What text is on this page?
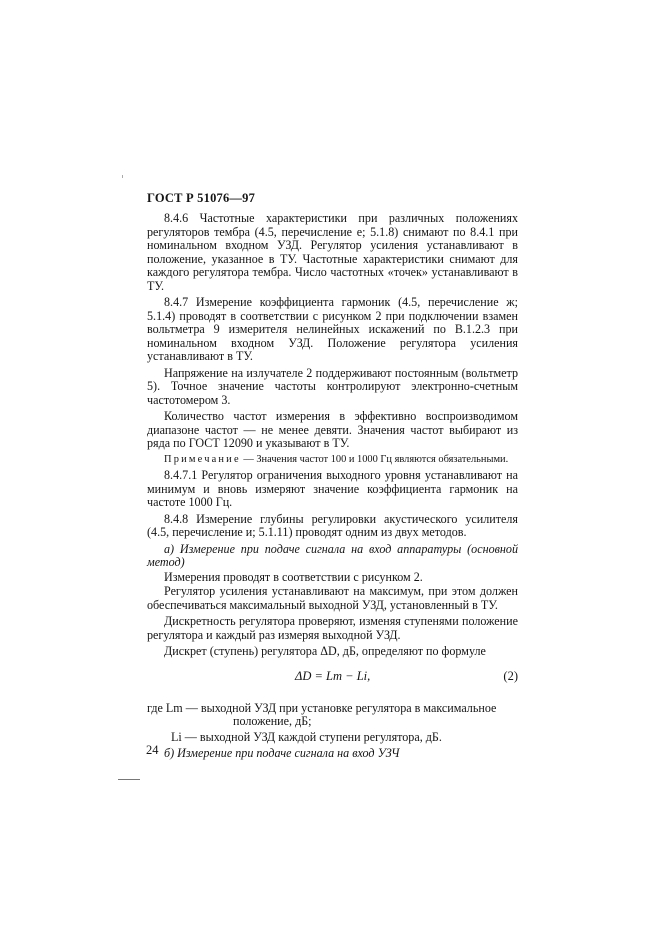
ГОСТ Р 51076—97

8.4.6 Частотные характеристики при различных положениях регуляторов тембра (4.5, перечисление е; 5.1.8) снимают по 8.4.1 при номинальном входном УЗД. Регулятор усиления устанавливают в положение, указанное в ТУ. Частотные характеристики снимают для каждого регулятора тембра. Число частотных «точек» устанавливают в ТУ.

8.4.7 Измерение коэффициента гармоник (4.5, перечисление ж; 5.1.4) проводят в соответствии с рисунком 2 при подключении взамен вольтметра 9 измерителя нелинейных искажений по В.1.2.3 при номинальном входном УЗД. Положение регулятора усиления устанавливают в ТУ.

Напряжение на излучателе 2 поддерживают постоянным (вольтметр 5). Точное значение частоты контролируют электронно-счетным частотомером 3.

Количество частот измерения в эффективно воспроизводимом диапазоне частот — не менее девяти. Значения частот выбирают из ряда по ГОСТ 12090 и указывают в ТУ.

Примечание — Значения частот 100 и 1000 Гц являются обязательными.

8.4.7.1 Регулятор ограничения выходного уровня устанавливают на минимум и вновь измеряют значение коэффициента гармоник на частоте 1000 Гц.

8.4.8 Измерение глубины регулировки акустического усилителя (4.5, перечисление и; 5.1.11) проводят одним из двух методов.

а) Измерение при подаче сигнала на вход аппаратуры (основной метод)

Измерения проводят в соответствии с рисунком 2.

Регулятор усиления устанавливают на максимум, при этом должен обеспечиваться максимальный выходной УЗД, установленный в ТУ.

Дискретность регулятора проверяют, изменяя ступенями положение регулятора и каждый раз измеряя выходной УЗД.

Дискрет (ступень) регулятора ΔD, дБ, определяют по формуле

ΔD = Lm − Li,	(2)
где Lm — выходной УЗД при установке регулятора в максимальное
положение, дБ;
Li — выходной УЗД каждой ступени регулятора, дБ.

б) Измерение при подаче сигнала на вход УЗЧ

24
